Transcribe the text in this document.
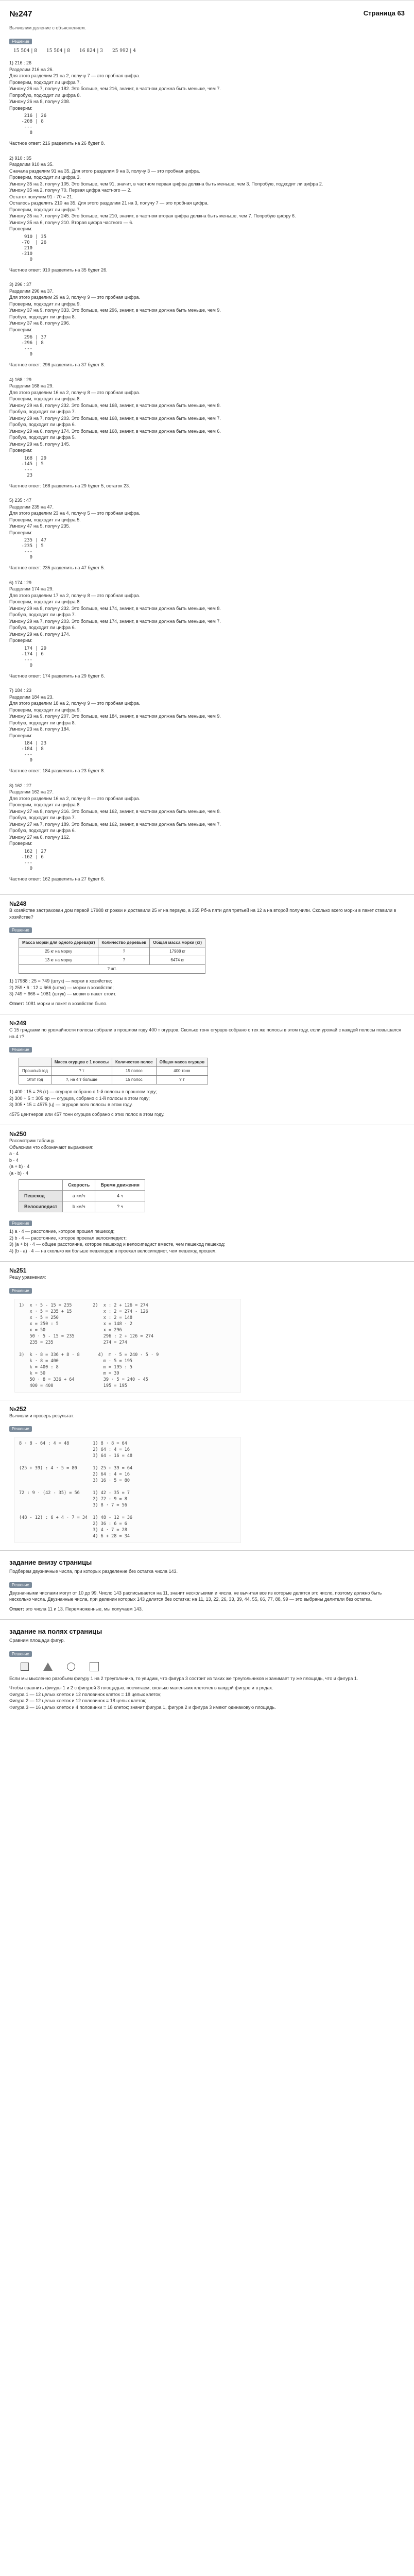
№247	Страница 63
Вычислим деление с объяснением.
Решение
15 504 | 8 15 504 | 8 16 824 | 3 25 992 | 4

1) 216 : 26

Разделим 216 на 26.

Для этого разделим 21 на 2, получу 7 — это пробная цифра.

Проверим, подходит ли цифра 7.

Умножу 26 на 7, получу 182. Это больше, чем 216, значит, в частном должна быть меньше, чем 7.

Попробую, подходит ли цифра 8.

Умножу 26 на 8, получу 208.

Проверим:

216 | 26
-208 | 8
---
8
Частное ответ: 216 разделить на 26 будет 8.

2) 910 : 35

Разделим 910 на 35.

Сначала разделим 91 на 35. Для этого разделим 9 на 3, получу 3 — это пробная цифра.

Проверим, подходит ли цифра 3.

Умножу 35 на 3, получу 105. Это больше, чем 91, значит, в частном первая цифра должна быть меньше, чем 3. Попробую, подходит ли цифра 2.

Умножу 35 на 2, получу 70. Первая цифра частного — 2.

Остаток получим 91 - 70 = 21.

Осталось разделить 210 на 35. Для этого разделим 21 на 3, получу 7 — это пробная цифра.

Проверим, подходит ли цифра 7.

Умножу 35 на 7, получу 245. Это больше, чем 210, значит, в частном вторая цифра должна быть меньше, чем 7. Попробую цифру 6.

Умножу 35 на 6, получу 210. Вторая цифра частного — 6.

Проверим:

910 | 35
-70  | 26
210
-210
0
Частное ответ: 910 разделить на 35 будет 26.

3) 296 : 37

Разделим 296 на 37.

Для этого разделим 29 на 3, получу 9 — это пробная цифра.

Проверим, подходит ли цифра 9.

Умножу 37 на 9, получу 333. Это больше, чем 296, значит, в частном должна быть меньше, чем 9.

Пробую, подходит ли цифра 8.

Умножу 37 на 8, получу 296.

Проверим:

296 | 37
-296 | 8
---
0
Частное ответ: 296 разделить на 37 будет 8.

4) 168 : 29

Разделим 168 на 29.

Для этого разделим 16 на 2, получу 8 — это пробная цифра.

Проверим, подходит ли цифра 8.

Умножу 29 на 8, получу 232. Это больше, чем 168, значит, в частном должна быть меньше, чем 8.

Пробую, подходит ли цифра 7.

Умножу 29 на 7, получу 203. Это больше, чем 168, значит, в частном должна быть меньше, чем 7.

Пробую, подходит ли цифра 6.

Умножу 29 на 6, получу 174. Это больше, чем 168, значит, в частном должна быть меньше, чем 6.

Пробую, подходит ли цифра 5.

Умножу 29 на 5, получу 145.

Проверим:

168 | 29
-145 | 5
---
23
Частное ответ: 168 разделить на 29 будет 5, остаток 23.

5) 235 : 47

Разделим 235 на 47.

Для этого разделим 23 на 4, получу 5 — это пробная цифра.

Проверим, подходит ли цифра 5.

Умножу 47 на 5, получу 235.

Проверим:

235 | 47
-235 | 5
---
0
Частное ответ: 235 разделить на 47 будет 5.

6) 174 : 29

Разделим 174 на 29.

Для этого разделим 17 на 2, получу 8 — это пробная цифра.

Проверим, подходит ли цифра 8.

Умножу 29 на 8, получу 232. Это больше, чем 174, значит, в частном должна быть меньше, чем 8.

Пробую, подходит ли цифра 7.

Умножу 29 на 7, получу 203. Это больше, чем 174, значит, в частном должна быть меньше, чем 7.

Пробую, подходит ли цифра 6.

Умножу 29 на 6, получу 174.

Проверим:

174 | 29
-174 | 6
---
0
Частное ответ: 174 разделить на 29 будет 6.

7) 184 : 23

Разделим 184 на 23.

Для этого разделим 18 на 2, получу 9 — это пробная цифра.

Проверим, подходит ли цифра 9.

Умножу 23 на 9, получу 207. Это больше, чем 184, значит, в частном должна быть меньше, чем 9.

Пробую, подходит ли цифра 8.

Умножу 23 на 8, получу 184.

Проверим:

184 | 23
-184 | 8
---
0
Частное ответ: 184 разделить на 23 будет 8.

8) 162 : 27

Разделим 162 на 27.

Для этого разделим 16 на 2, получу 8 — это пробная цифра.

Проверим, подходит ли цифра 8.

Умножу 27 на 8, получу 216. Это больше, чем 162, значит, в частном должна быть меньше, чем 8.

Пробую, подходит ли цифра 7.

Умножу 27 на 7, получу 189. Это больше, чем 162, значит, в частном должна быть меньше, чем 7.

Пробую, подходит ли цифра 6.

Умножу 27 на 6, получу 162.

Проверим:

162 | 27
-162 | 6
---
0
Частное ответ: 162 разделить на 27 будет 6.
№248
В хозяйстве застрахован дом первой 17988 кг рожки и доставили 25 кг на первую, а 355 Рб-а пяти для третьей на 12 а на второй получили. Сколько всего морки в пакет ставили в хозяйстве?
Решение
Масса морки для одного дерева(кг)	Количество деревьев	Общая масса морки (кг)
25 кг на морку	?	17988 кг
13 кг на морку	?	6474 кг
? шт.		

1) 17988 : 25 = 749 (штук) — морки в хозяйстве;

2) 259 • 6 : 12 = 666 (штук) — морки в хозяйстве;

3) 749 + 666 = 1081 (штук) — морки в пакет стоит.

Ответ: 1081 морки и пакет в хозяйстве было.
№249
С 15 грядками по урожайности полосы собрали в прошлом году 400 т огурцов. Сколько тонн огурцов собрано с тех же полосы в этом году, если урожай с каждой полосы повышался на 4 т?
Решение
	Масса огурцов с 1 полосы	Количество полос	Общая масса огурцов
Прошлый год	? т	15 полос	400 тонн
Этот год	?, на 4 т больше	15 полос	? т

1) 400 : 15 = 26 (т) — огурцов собрано с 1-й полосы в прошлом году;

2) 300 + 5 = 305 ор — огурцов, собрано с 1-й полосы в этом году;

3) 305 • 15 = 4575 (ц) — огурцов всех полосы в этом году.

4575 центнеров или 457 тонн огурцов собрано с этих полос в этом году.
№250

Рассмотрим таблицу.

Объясним что обозначают выражения:

а · 4

b · 4

(a + b) · 4

(a - b) · 4

	Скорость	Время движения
Пешеход	а км/ч	4 ч
Велосипедист	b км/ч	? ч
Решение

1) а · 4 — расстояние, которое прошел пешеход;

2) b · 4 — расстояние, которое проехал велосипедист;

3) (a + b) · 4 — общее расстояние, которое пешеход и велосипедист вместе, чем пешеход пешеход;

4) (b - a) · 4 — на сколько км больше пешеходов в проехал велосипедист, чем пешеход прошел.

№251
Решу уравнения:
Решение
1)  x · 5 - 15 = 235        2)  x : 2 + 126 = 274
x · 5 = 235 + 15            x : 2 = 274 - 126
x · 5 = 250                 x : 2 = 148
x = 250 : 5                 x = 148 · 2
x = 50                      x = 296
50 · 5 - 15 = 235           296 : 2 + 126 = 274
235 = 235                   274 = 274

3)  k · 8 = 336 + 8 · 8       4)  m · 5 = 240 - 5 · 9
k · 8 = 400                 m · 5 = 195
k = 400 : 8                 m = 195 : 5
k = 50                      m = 39
50 · 8 = 336 + 64           39 · 5 = 240 - 45
400 = 400                   195 = 195
№252
Вычисли и проверь результат:
Решение
8 · 8 - 64 : 4 = 48         1) 8 · 8 = 64
2) 64 : 4 = 16
3) 64 - 16 = 48

(25 + 39) : 4 · 5 = 80      1) 25 + 39 = 64
2) 64 : 4 = 16
3) 16 · 5 = 80

72 : 9 · (42 - 35) = 56     1) 42 - 35 = 7
2) 72 : 9 = 8
3) 8 · 7 = 56

(48 - 12) : 6 + 4 · 7 = 34  1) 48 - 12 = 36
2) 36 : 6 = 6
3) 4 · 7 = 28
4) 6 + 28 = 34
задание внизу страницы
Подберем двузначные числа, при которых разделение без остатка числа 143.
Решение
Двузначными числами могут от 10 до 99. Число 143 расписывается на 11, значит несколькими и числа, не вычитая все из которые делятся это число, поэтому должно быть несколько числа. Двузначные числа, при делении которых 143 делится без остатка: на 11, 13, 22, 26, 33, 39, 44, 55, 66, 77, 88, 99 — это выбраны делители без остатка.
Ответ: это числа 11 и 13. Перемноженные, мы получаем 143.
задание на полях страницы
Сравним площади фигур.
Решение
Если мы мысленно разобьем фигуру 1 на 2 треугольника, то увидим, что фигура 3 состоит из таких же треугольников и занимает ту же площадь, что и фигура 1.

Чтобы сравнить фигуры 1 и 2 с фигурой 3 площадью, посчитаем, сколько маленьких клеточек в каждой фигуре и в рядах.

Фигура 1 — 12 целых клеток и 12 половинок клеток = 18 целых клеток;

Фигура 2 — 12 целых клеток и 12 половинок = 18 целых клеток;

Фигура 3 — 16 целых клеток и 4 половинки = 18 клеток; значит фигура 1, фигура 2 и фигура 3 имеют одинаковую площадь.
